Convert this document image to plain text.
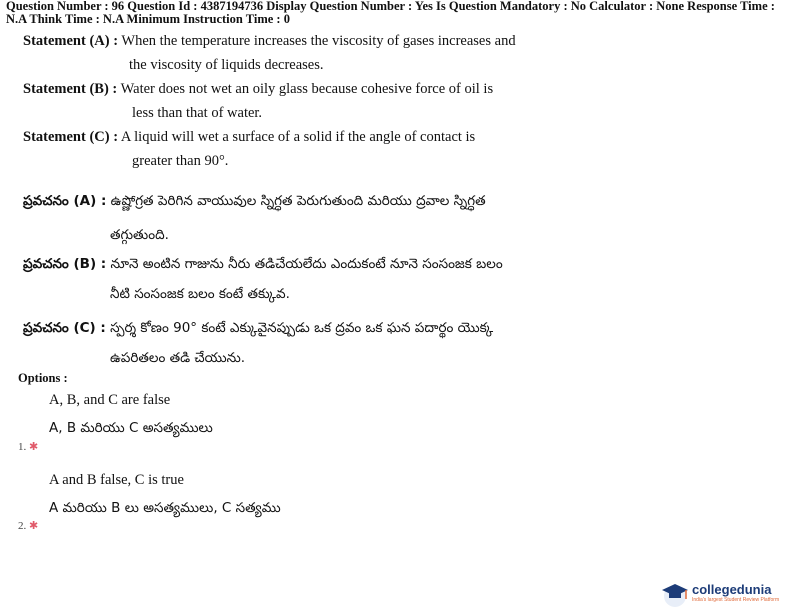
Question Number : 96 Question Id : 4387194736 Display Question Number : Yes Is Question Mandatory : No Calculator : None Response Time :
N.A Think Time : N.A Minimum Instruction Time : 0
Statement (A) : When the temperature increases the viscosity of gases increases and
the viscosity of liquids decreases.
Statement (B) : Water does not wet an oily glass because cohesive force of oil is
less than that of water.
Statement (C) : A liquid will wet a surface of a solid if the angle of contact is
greater than 90°.
ప్రవచనం (A) : ఉష్ణోగ్రత పెరిగిన వాయువుల స్నిగ్ధత పెరుగుతుంది మరియు ద్రవాల స్నిగ్ధత
తగ్గుతుంది.
ప్రవచనం (B) : నూనె అంటిన గాజును నీరు తడిచేయలేదు ఎందుకంటే నూనె సంసంజక బలం
నీటి సంసంజక బలం కంటే తక్కువ.
ప్రవచనం (C) : స్పర్శ కోణం 90° కంటే ఎక్కువైనప్పుడు ఒక ద్రవం ఒక ఘన పదార్థం యొక్క
ఉపరితలం తడి చేయును.
Options :
A, B, and C are false
A, B మరియు C అసత్యములు
1. ✱
A and B false, C is true
A మరియు B లు అసత్యములు, C సత్యము
2. ✱
collegedunia
India's largest Student Review Platform
